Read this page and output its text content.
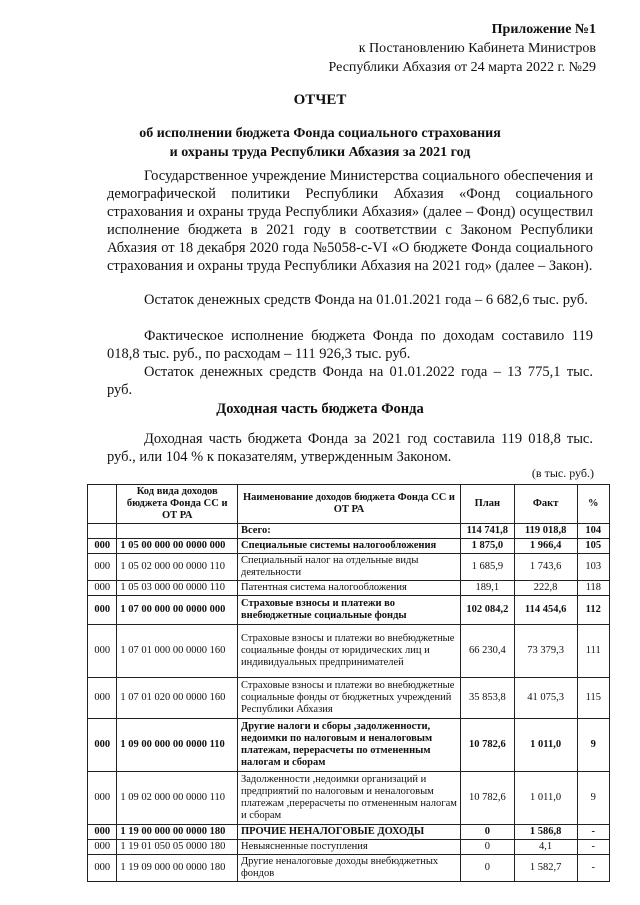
Приложение №1
к Постановлению Кабинета Министров
Республики Абхазия от 24 марта 2022 г. №29
ОТЧЕТ
об исполнении бюджета Фонда социального страхования
и охраны труда Республики Абхазия за 2021 год
Государственное учреждение Министерства социального обеспечения и демографической политики Республики Абхазия «Фонд социального страхования и охраны труда Республики Абхазия» (далее – Фонд) осуществил исполнение бюджета в 2021 году в соответствии с Законом Республики Абхазия от 18 декабря 2020 года №5058-с-VI «О бюджете Фонда социального страхования и охраны труда Республики Абхазия на 2021 год» (далее – Закон).
Остаток денежных средств Фонда на 01.01.2021 года – 6 682,6 тыс. руб.
Фактическое исполнение бюджета Фонда по доходам составило 119 018,8 тыс. руб., по расходам – 111 926,3 тыс. руб.
Остаток денежных средств Фонда на 01.01.2022 года – 13 775,1 тыс. руб.
Доходная часть бюджета Фонда
Доходная часть бюджета Фонда за 2021 год составила 119 018,8 тыс. руб., или 104 % к показателям, утвержденным Законом.
(в тыс. руб.)
	Код вида доходов бюджета Фонда СС и ОТ РА	Наименование доходов бюджета Фонда СС и ОТ РА	План	Факт	%
		Всего:	114 741,8	119 018,8	104
000	1 05 00 000 00 0000 000	Специальные системы налогообложения	1 875,0	1 966,4	105
000	1 05 02 000 00 0000 110	Специальный налог на отдельные виды деятельности	1 685,9	1 743,6	103
000	1 05 03 000 00 0000 110	Патентная система налогообложения	189,1	222,8	118
000	1 07 00 000 00 0000 000	Страховые взносы и платежи во внебюджетные социальные фонды	102 084,2	114 454,6	112
000	1 07 01 000 00 0000 160	Страховые взносы и платежи во внебюджетные социальные фонды от юридических лиц и индивидуальных предпринимателей	66 230,4	73 379,3	111
000	1 07 01 020 00 0000 160	Страховые взносы и платежи во внебюджетные социальные фонды от бюджетных учреждений Республики Абхазия	35 853,8	41 075,3	115
000	1 09 00 000 00 0000 110	Другие налоги и сборы ,задолженности, недоимки по налоговым и неналоговым платежам, перерасчеты по отмененным налогам и сборам	10 782,6	1 011,0	9
000	1 09 02 000 00 0000 110	Задолженности ,недоимки организаций и предприятий по налоговым и неналоговым платежам ,перерасчеты по отмененным налогам и сборам	10 782,6	1 011,0	9
000	1 19 00 000 00 0000 180	ПРОЧИЕ НЕНАЛОГОВЫЕ ДОХОДЫ	0	1 586,8	-
000	1 19 01 050 05 0000 180	Невыясненные поступления	0	4,1	-
000	1 19 09 000 00 0000 180	Другие неналоговые доходы внебюджетных фондов	0	1 582,7	-
